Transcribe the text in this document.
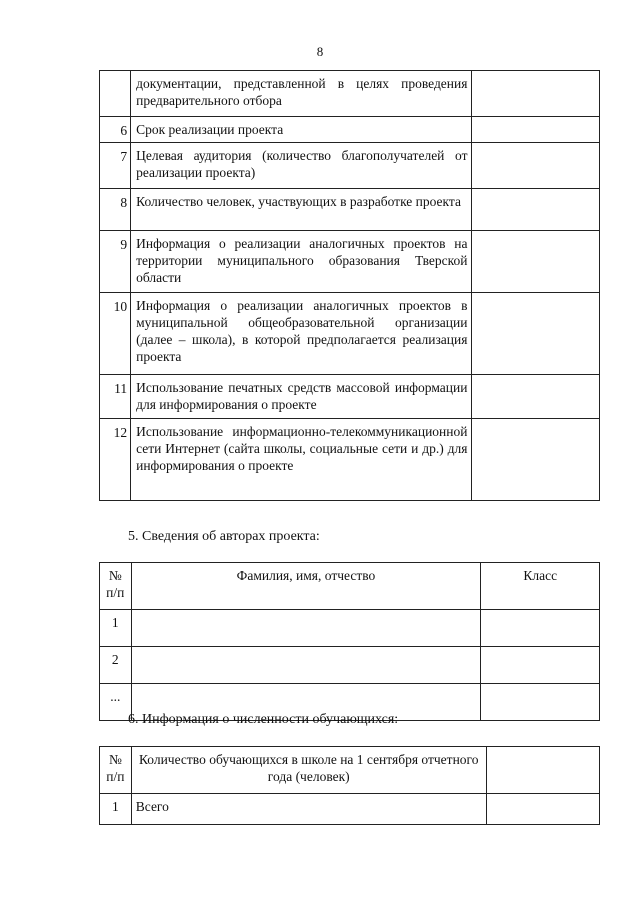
8
	документации, представленной в целях проведения предварительного отбора	
6	Срок реализации проекта	
7	Целевая аудитория (количество благополучателей от реализации проекта)	
8	Количество человек, участвующих в разработке проекта	
9	Информация о реализации аналогичных проектов на территории муниципального образования Тверской области	
10	Информация о реализации аналогичных проектов в муниципальной общеобразовательной организации (далее – школа), в которой предполагается реализация проекта	
11	Использование печатных средств массовой информации для информирования о проекте	
12	Использование информационно-телекоммуникационной сети Интернет (сайта школы, социальные сети и др.) для информирования о проекте	
5. Сведения об авторах проекта:
№ п/п	Фамилия, имя, отчество	Класс
1		
2		
...		
6. Информация о численности обучающихся:
№ п/п	Количество обучающихся в школе на 1 сентября отчетного года (человек)	
1	Всего	
